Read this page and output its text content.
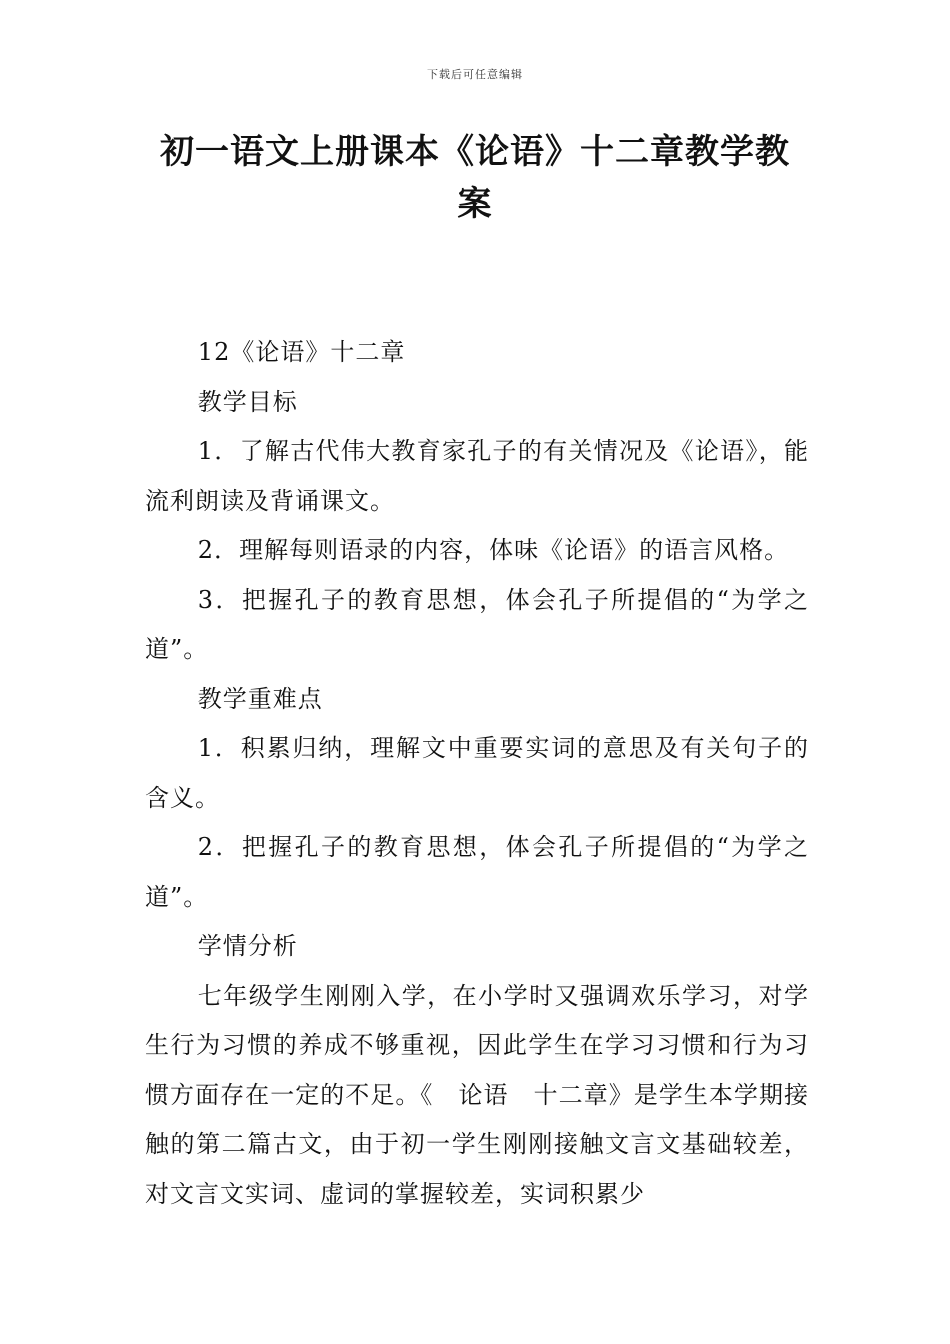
下载后可任意编辑
初一语文上册课本《论语》十二章教学教案

12《论语》十二章

教学目标

1．了解古代伟大教育家孔子的有关情况及《论语》，能流利朗读及背诵课文。

2．理解每则语录的内容，体味《论语》的语言风格。

3．把握孔子的教育思想，体会孔子所提倡的“为学之道”。

教学重难点

1．积累归纳，理解文中重要实词的意思及有关句子的含义。

2．把握孔子的教育思想，体会孔子所提倡的“为学之道”。

学情分析

七年级学生刚刚入学，在小学时又强调欢乐学习，对学生行为习惯的养成不够重视，因此学生在学习习惯和行为习惯方面存在一定的不足。《　论语　十二章》是学生本学期接触的第二篇古文，由于初一学生刚刚接触文言文基础较差，对文言文实词、虚词的掌握较差，实词积累少
